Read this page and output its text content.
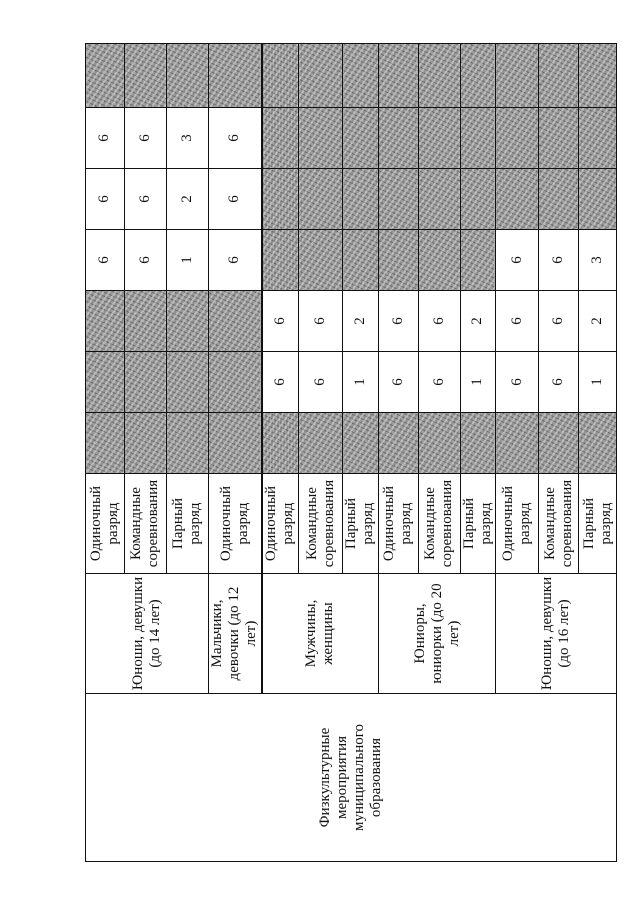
Физкультурные мероприятия муниципального образования	Юноши, девушки (до 14 лет)	Одиночный разряд				6	6	6	
		Командные соревнования				6	6	6	
		Парный разряд				1	2	3	
	Мальчики, девочки (до 12 лет)	Одиночный разряд				6	6	6	
	Мужчины, женщины	Одиночный разряд		6	6				
		Командные соревнования		6	6				
		Парный разряд		1	2				
	Юниоры, юниорки (до 20 лет)	Одиночный разряд		6	6				
		Командные соревнования		6	6				
		Парный разряд		1	2				
	Юноши, девушки (до 16 лет)	Одиночный разряд		6	6	6			
		Командные соревнования		6	6	6			
		Парный разряд		1	2	3			
